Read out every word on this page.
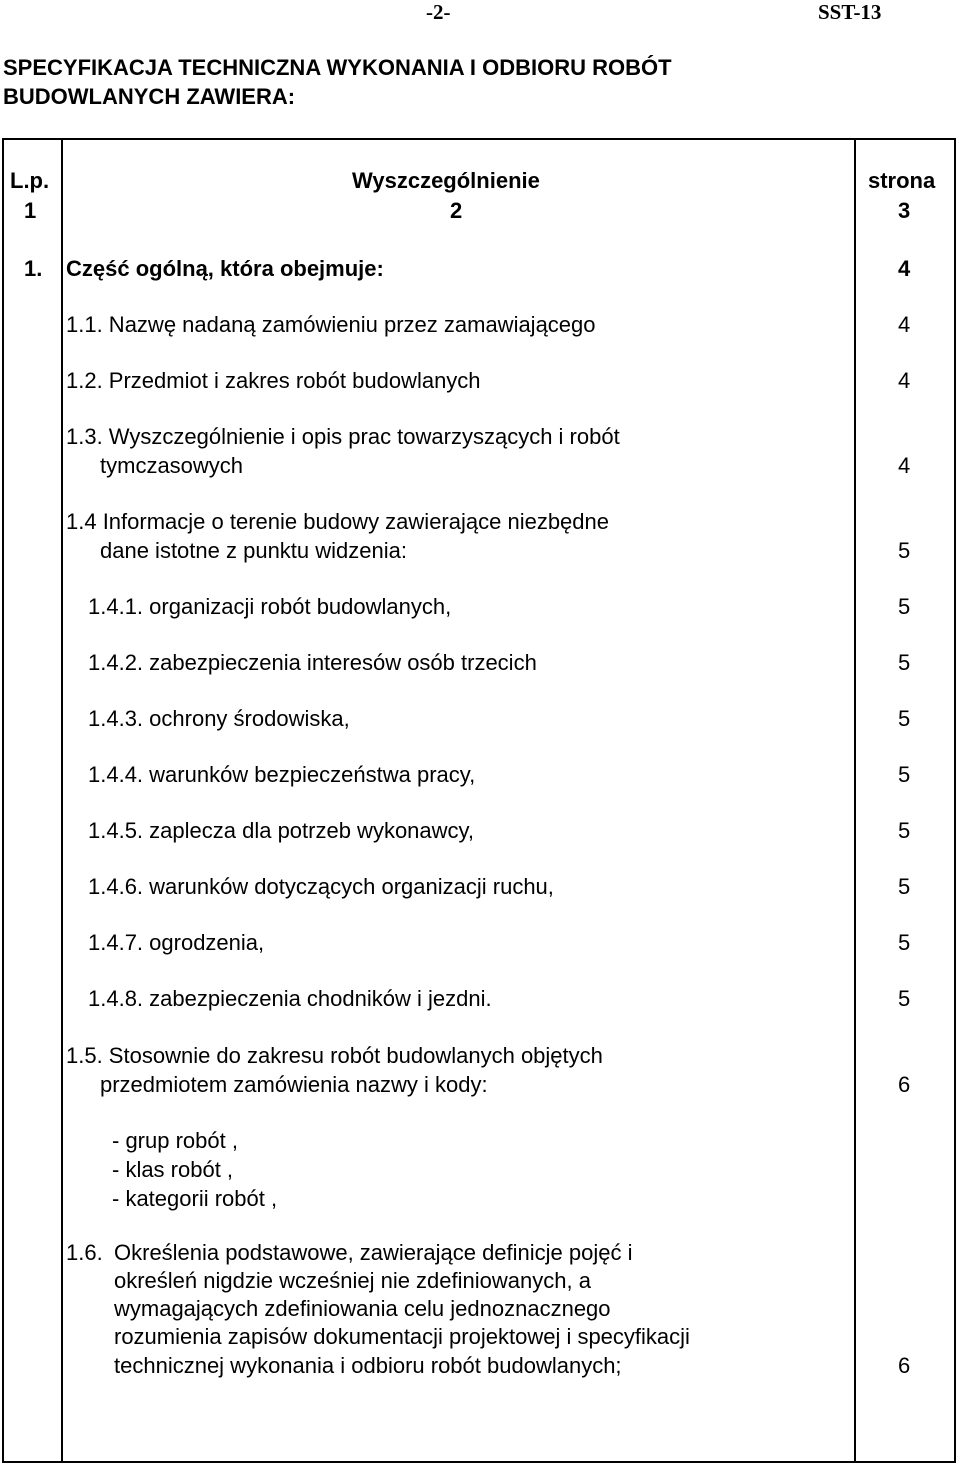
-2-	SST-13
SPECYFIKACJA TECHNICZNA WYKONANIA I ODBIORU ROBÓT
BUDOWLANYCH ZAWIERA:
L.p.	Wyszczególnienie	strona
1	2	3
1. Część ogólną, która obejmuje:	4
1.1. Nazwę nadaną zamówieniu przez zamawiającego	4
1.2. Przedmiot i zakres robót budowlanych	4
1.3. Wyszczególnienie i opis prac towarzyszących i robót
tymczasowych	4
1.4 Informacje o terenie budowy zawierające niezbędne
dane istotne z punktu widzenia:	5
1.4.1. organizacji robót budowlanych,	5
1.4.2. zabezpieczenia interesów osób trzecich	5
1.4.3. ochrony środowiska,	5
1.4.4. warunków bezpieczeństwa pracy,	5
1.4.5. zaplecza dla potrzeb wykonawcy,	5
1.4.6. warunków dotyczących organizacji ruchu,	5
1.4.7. ogrodzenia,	5
1.4.8. zabezpieczenia chodników i jezdni.	5
1.5. Stosownie do zakresu robót budowlanych objętych
przedmiotem zamówienia nazwy i kody:	6
- grup robót ,
- klas robót ,
- kategorii robót ,
1.6. Określenia podstawowe, zawierające definicje pojęć i
określeń nigdzie wcześniej nie zdefiniowanych, a
wymagających zdefiniowania celu jednoznacznego
rozumienia zapisów dokumentacji projektowej i specyfikacji
technicznej wykonania i odbioru robót budowlanych;	6
